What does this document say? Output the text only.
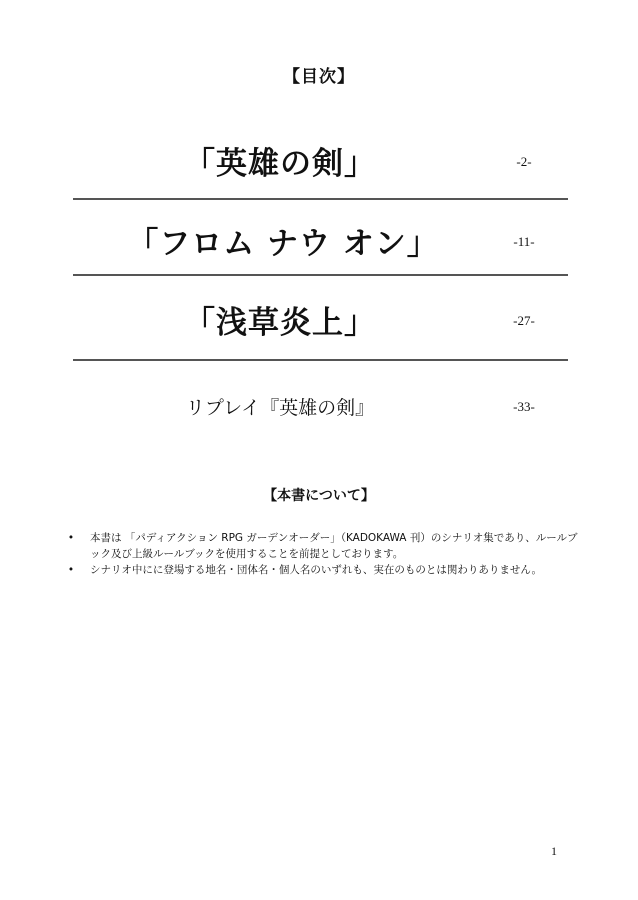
【目次】
「英雄の剣」	-2-
「フロム ナウ オン」	-11-
「浅草炎上」	-27-
リプレイ『英雄の剣』	-33-
【本書について】
• 本書は 「パディアクション RPG ガーデンオーダー」（KADOKAWA 刊）のシナリオ集であり、ルールブック及び上級ルールブックを使用することを前提としております。
• シナリオ中にに登場する地名・団体名・個人名のいずれも、実在のものとは関わりありません。
1
